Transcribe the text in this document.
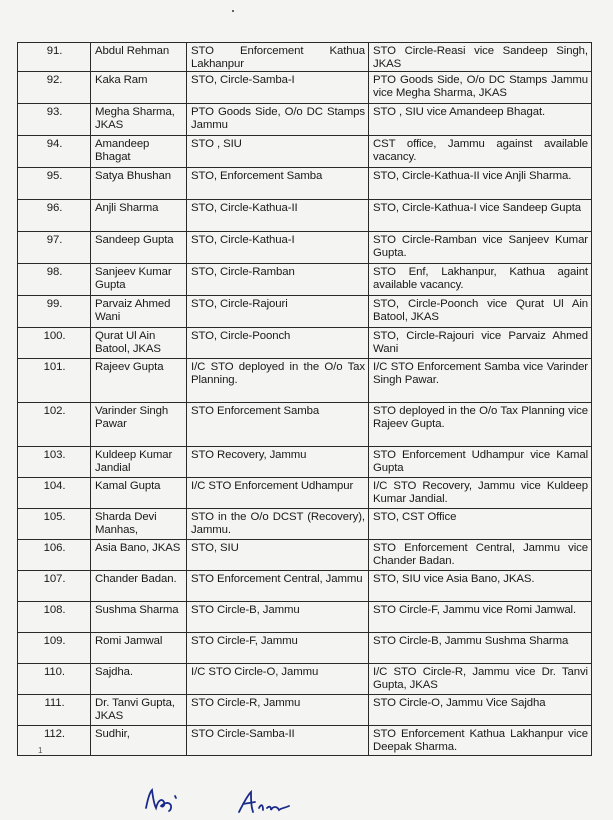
91.	Abdul Rehman	STO Enforcement Kathua Lakhanpur	STO Circle-Reasi vice Sandeep Singh, JKAS
92.	Kaka Ram	STO, Circle-Samba-I	PTO Goods Side, O/o DC Stamps Jammu vice Megha Sharma, JKAS
93.	Megha Sharma, JKAS	PTO Goods Side, O/o DC Stamps Jammu	STO , SIU vice Amandeep Bhagat.
94.	Amandeep Bhagat	STO , SIU	CST office, Jammu against available vacancy.
95.	Satya Bhushan	STO, Enforcement Samba	STO, Circle-Kathua-II vice Anjli Sharma.
96.	Anjli Sharma	STO, Circle-Kathua-II	STO, Circle-Kathua-I vice Sandeep Gupta
97.	Sandeep Gupta	STO, Circle-Kathua-I	STO Circle-Ramban vice Sanjeev Kumar Gupta.
98.	Sanjeev Kumar Gupta	STO, Circle-Ramban	STO Enf, Lakhanpur, Kathua againt available vacancy.
99.	Parvaiz Ahmed Wani	STO, Circle-Rajouri	STO, Circle-Poonch vice Qurat Ul Ain Batool, JKAS
100.	Qurat Ul Ain Batool, JKAS	STO, Circle-Poonch	STO, Circle-Rajouri vice Parvaiz Ahmed Wani
101.	Rajeev Gupta	I/C STO deployed in the O/o Tax Planning.	I/C STO Enforcement Samba vice Varinder Singh Pawar.
102.	Varinder Singh Pawar	STO Enforcement Samba	STO deployed in the O/o Tax Planning vice Rajeev Gupta.
103.	Kuldeep Kumar Jandial	STO Recovery, Jammu	STO Enforcement Udhampur vice Kamal Gupta
104.	Kamal Gupta	I/C STO Enforcement Udhampur	I/C STO Recovery, Jammu vice Kuldeep Kumar Jandial.
105.	Sharda Devi Manhas,	STO in the O/o DCST (Recovery), Jammu.	STO, CST Office
106.	Asia Bano, JKAS	STO, SIU	STO Enforcement Central, Jammu vice Chander Badan.
107.	Chander Badan.	STO Enforcement Central, Jammu	STO, SIU vice Asia Bano, JKAS.
108.	Sushma Sharma	STO Circle-B, Jammu	STO Circle-F, Jammu vice Romi Jamwal.
109.	Romi Jamwal	STO Circle-F, Jammu	STO Circle-B, Jammu Sushma Sharma
110.	Sajdha.	I/C STO Circle-O, Jammu	I/C STO Circle-R, Jammu vice Dr. Tanvi Gupta, JKAS
111.	Dr. Tanvi Gupta, JKAS	STO Circle-R, Jammu	STO Circle-O, Jammu Vice Sajdha
112.	Sudhir,	STO Circle-Samba-II	STO Enforcement Kathua Lakhanpur vice Deepak Sharma.
1
